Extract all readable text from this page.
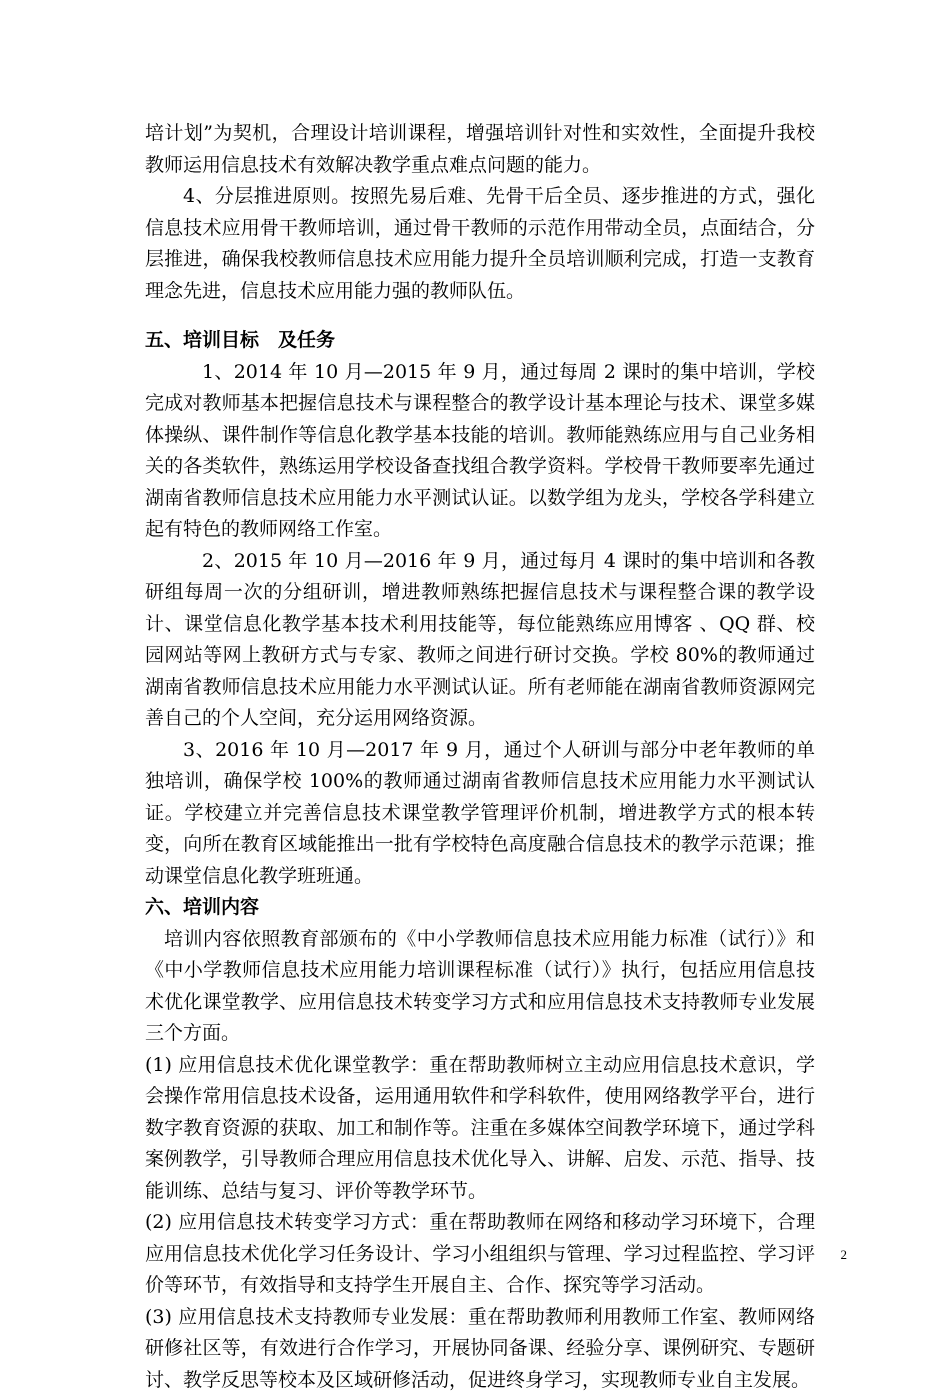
培计划”为契机，合理设计培训课程，增强培训针对性和实效性，全面提升我校教师运用信息技术有效解决教学重点难点问题的能力。

4、分层推进原则。按照先易后难、先骨干后全员、逐步推进的方式，强化信息技术应用骨干教师培训，通过骨干教师的示范作用带动全员，点面结合，分层推进，确保我校教师信息技术应用能力提升全员培训顺利完成，打造一支教育理念先进，信息技术应用能力强的教师队伍。

五、培训目标　及任务

1、2014 年 10 月—2015 年 9 月，通过每周 2 课时的集中培训，学校完成对教师基本把握信息技术与课程整合的教学设计基本理论与技术、课堂多媒体操纵、课件制作等信息化教学基本技能的培训。教师能熟练应用与自己业务相关的各类软件，熟练运用学校设备查找组合教学资料。学校骨干教师要率先通过湖南省教师信息技术应用能力水平测试认证。以数学组为龙头，学校各学科建立起有特色的教师网络工作室。

2、2015 年 10 月—2016 年 9 月，通过每月 4 课时的集中培训和各教研组每周一次的分组研训，增进教师熟练把握信息技术与课程整合课的教学设计、课堂信息化教学基本技术利用技能等，每位能熟练应用博客 、QQ 群、校园网站等网上教研方式与专家、教师之间进行研讨交换。学校 80%的教师通过湖南省教师信息技术应用能力水平测试认证。所有老师能在湖南省教师资源网完善自己的个人空间，充分运用网络资源。

3、2016 年 10 月—2017 年 9 月，通过个人研训与部分中老年教师的单独培训，确保学校 100%的教师通过湖南省教师信息技术应用能力水平测试认证。学校建立并完善信息技术课堂教学管理评价机制，增进教学方式的根本转变，向所在教育区域能推出一批有学校特色高度融合信息技术的教学示范课；推动课堂信息化教学班班通。

六、培训内容

培训内容依照教育部颁布的《中小学教师信息技术应用能力标准（试行）》和《中小学教师信息技术应用能力培训课程标准（试行）》执行，包括应用信息技术优化课堂教学、应用信息技术转变学习方式和应用信息技术支持教师专业发展三个方面。

(1) 应用信息技术优化课堂教学：重在帮助教师树立主动应用信息技术意识，学会操作常用信息技术设备，运用通用软件和学科软件，使用网络教学平台，进行数字教育资源的获取、加工和制作等。注重在多媒体空间教学环境下，通过学科案例教学，引导教师合理应用信息技术优化导入、讲解、启发、示范、指导、技能训练、总结与复习、评价等教学环节。

(2) 应用信息技术转变学习方式：重在帮助教师在网络和移动学习环境下，合理应用信息技术优化学习任务设计、学习小组组织与管理、学习过程监控、学习评价等环节，有效指导和支持学生开展自主、合作、探究等学习活动。

(3) 应用信息技术支持教师专业发展：重在帮助教师利用教师工作室、教师网络研修社区等，有效进行合作学习，开展协同备课、经验分享、课例研究、专题研讨、教学反思等校本及区域研修活动，促进终身学习，实现教师专业自主发展。

2
